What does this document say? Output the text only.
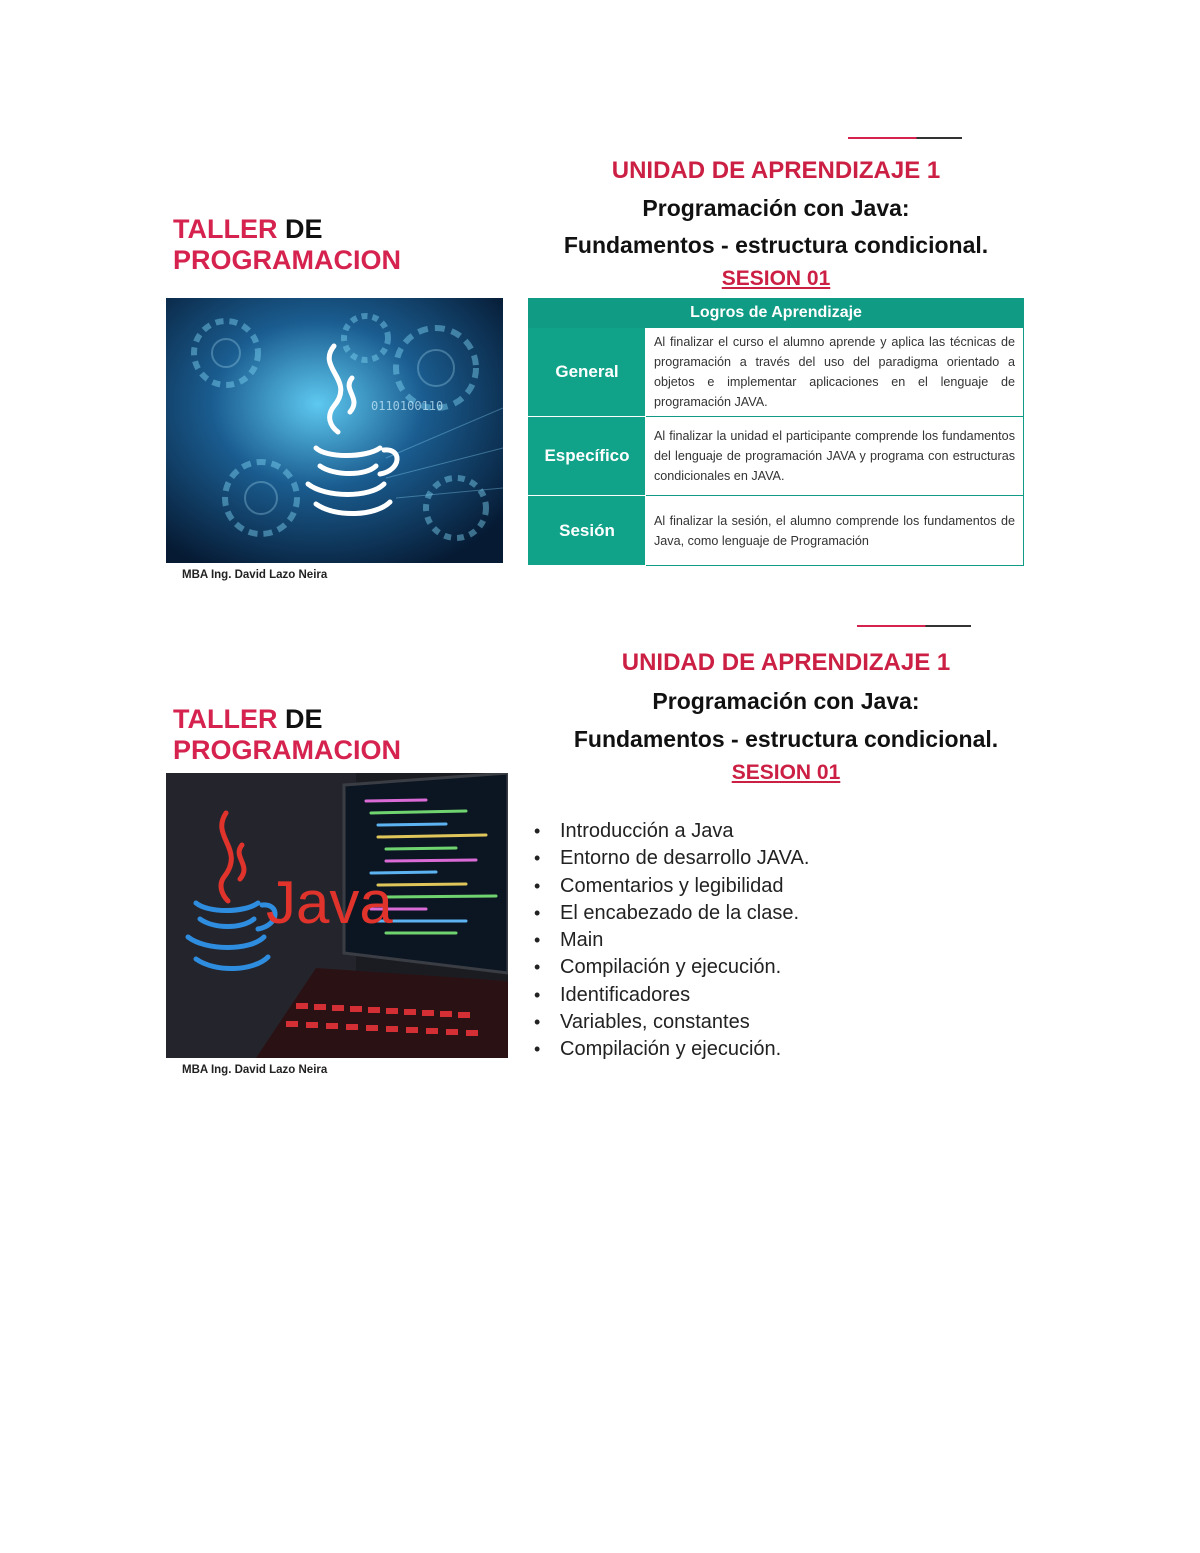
TALLER DE
PROGRAMACION
0110100110
MBA Ing. David Lazo Neira
UNIDAD DE APRENDIZAJE 1
Programación con Java:
Fundamentos - estructura condicional.
SESION 01
Logros de Aprendizaje	
General	Al finalizar el curso el alumno aprende y aplica las técnicas de programación a través del uso del paradigma orientado a objetos e implementar aplicaciones en el lenguaje de programación JAVA.
Específico	Al finalizar la unidad el participante comprende los fundamentos del lenguaje de programación JAVA y programa con estructuras condicionales en JAVA.
Sesión	Al finalizar la sesión, el alumno comprende los fundamentos de Java, como lenguaje de Programación
TALLER DE
PROGRAMACION
Java
MBA Ing. David Lazo Neira
UNIDAD DE APRENDIZAJE 1
Programación con Java:
Fundamentos - estructura condicional.
SESION 01
• Introducción a Java
• Entorno de desarrollo JAVA.
• Comentarios y legibilidad
• El encabezado de la clase.
• Main
• Compilación y ejecución.
• Identificadores
• Variables, constantes
• Compilación y ejecución.
